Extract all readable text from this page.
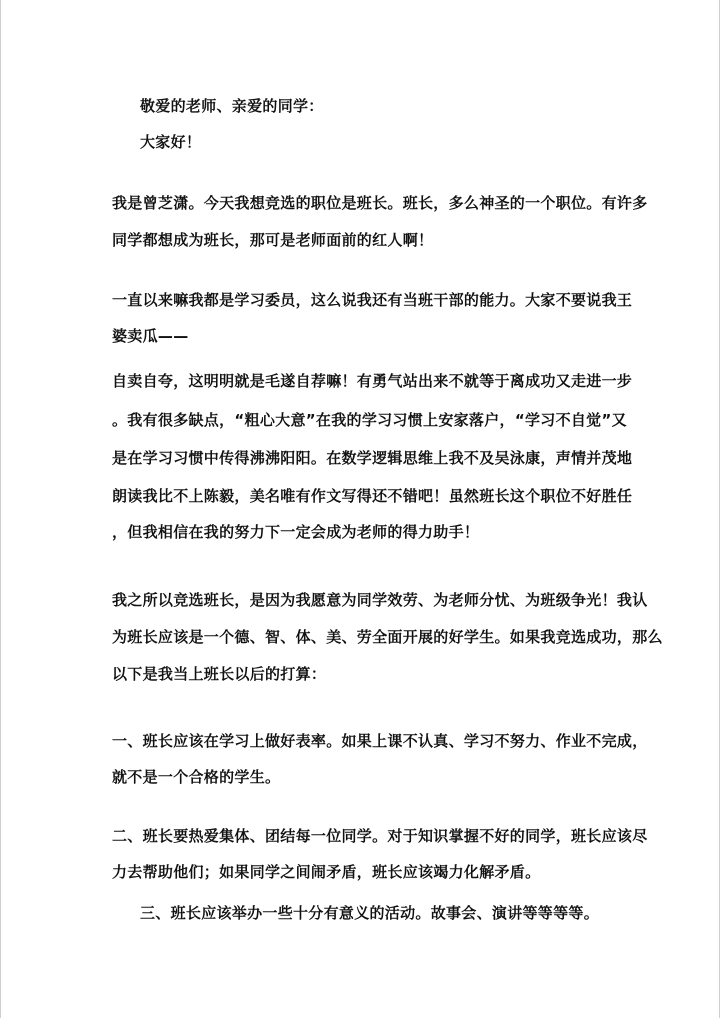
敬爱的老师、亲爱的同学：
大家好！
我是曾芝潇。今天我想竞选的职位是班长。班长，多么神圣的一个职位。有许多
同学都想成为班长，那可是老师面前的红人啊！
一直以来嘛我都是学习委员，这么说我还有当班干部的能力。大家不要说我王
婆卖瓜——
自卖自夸，这明明就是毛遂自荐嘛！有勇气站出来不就等于离成功又走进一步
。我有很多缺点，“粗心大意”在我的学习习惯上安家落户，“学习不自觉”又
是在学习习惯中传得沸沸阳阳。在数学逻辑思维上我不及吴泳康，声情并茂地
朗读我比不上陈毅，美名唯有作文写得还不错吧！虽然班长这个职位不好胜任
，但我相信在我的努力下一定会成为老师的得力助手！
我之所以竞选班长，是因为我愿意为同学效劳、为老师分忧、为班级争光！我认
为班长应该是一个德、智、体、美、劳全面开展的好学生。如果我竞选成功，那么
以下是我当上班长以后的打算：
一、班长应该在学习上做好表率。如果上课不认真、学习不努力、作业不完成，
就不是一个合格的学生。
二、班长要热爱集体、团结每一位同学。对于知识掌握不好的同学，班长应该尽
力去帮助他们；如果同学之间闹矛盾，班长应该竭力化解矛盾。
三、班长应该举办一些十分有意义的活动。故事会、演讲等等等等。
